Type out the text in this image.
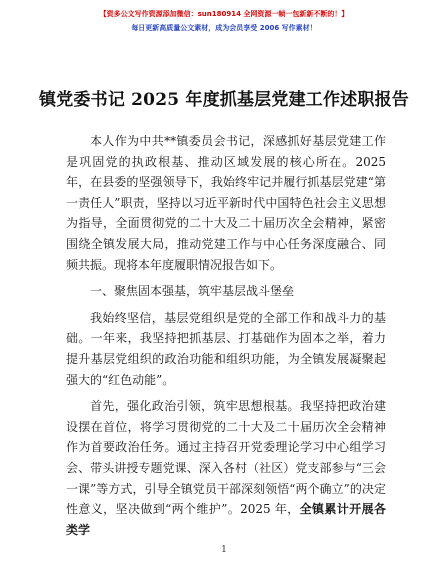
【资多公文写作资源添加微信：sun180914 全网资源一帧一包新新不断的！】
每日更新高质量公文素材，成为会员享受 2006 写作素材！
镇党委书记 2025 年度抓基层党建工作述职报告

本人作为中共**镇委员会书记，深感抓好基层党建工作是巩固党的执政根基、推动区域发展的核心所在。2025 年，在县委的坚强领导下，我始终牢记并履行抓基层党建“第一责任人”职责，坚持以习近平新时代中国特色社会主义思想为指导，全面贯彻党的二十大及二十届历次全会精神，紧密围绕全镇发展大局，推动党建工作与中心任务深度融合、同频共振。现将本年度履职情况报告如下。

一、聚焦固本强基，筑牢基层战斗堡垒

我始终坚信，基层党组织是党的全部工作和战斗力的基础。一年来，我坚持把抓基层、打基础作为固本之举，着力提升基层党组织的政治功能和组织功能，为全镇发展凝聚起强大的“红色动能”。

首先，强化政治引领，筑牢思想根基。我坚持把政治建设摆在首位，将学习贯彻党的二十大及二十届历次全会精神作为首要政治任务。通过主持召开党委理论学习中心组学习会、带头讲授专题党课、深入各村（社区）党支部参与“三会一课”等方式，引导全镇党员干部深刻领悟“两个确立”的决定性意义，坚决做到“两个维护”。2025 年，全镇累计开展各类学

1
